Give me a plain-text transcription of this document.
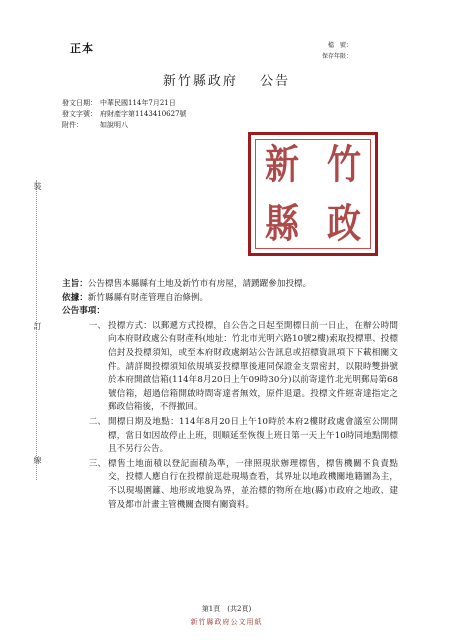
正本	檔　號：
保存年限：
新竹縣政府 公告
發文日期： 中華民國114年7月21日
發文字號： 府財產字第1143410627號
附件：	如說明八
新 竹
縣 政
裝
訂
線
主旨： 公告標售本縣縣有土地及新竹市有房屋，請踴躍參加投標。
依據： 新竹縣縣有財產管理自治條例。
公告事項：
一、 投標方式：以郵遞方式投標，自公告之日起至開標日前一日止，在辦公時間向本府財政處公有財產科(地址：竹北市光明六路10號2樓)索取投標單、投標信封及投標須知，或至本府財政處網站公告訊息或招標資訊項下下載相關文件。請詳閱投標須知依規填妥投標單後連同保證金支票密封，以限時雙掛號於本府開啟信箱(114年8月20日上午09時30分)以前寄達竹北光明郵局第68號信箱，超過信箱開啟時間寄達者無效，原件退還。投標文件經寄達指定之郵政信箱後，不得撤回。
二、 開標日期及地點：114年8月20日上午10時於本府2樓財政處會議室公開開標，當日如因故停止上班，則順延至恢復上班日第一天上午10時同地點開標且不另行公告。
三、 標售土地面積以登記面積為準，一律照現狀辦理標售，標售機關不負責點交，投標人應自行在投標前逕赴現場查看，其界址以地政機關地籍圖為主，不以現場圍籬、地形或地貌為界，並治標的物所在地(縣)市政府之地政、建管及都市計畫主管機關查閱有關資料。
第1頁　(共2頁)
新竹縣政府公文用紙
